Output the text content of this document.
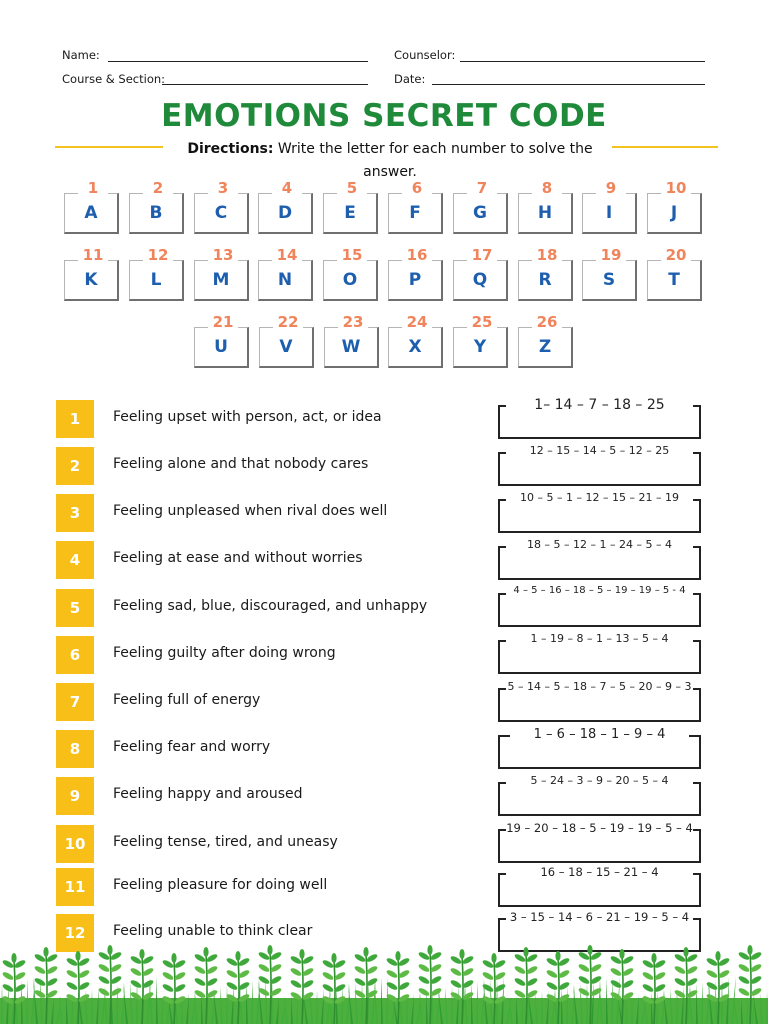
Name:	Counselor:
Course & Section:	Date:
EMOTIONS SECRET CODE

Directions: Write the letter for each number to solve the answer.

1
A
2
B
3
C
4
D
5
E
6
F
7
G
8
H
9
I
10
J
11
K
12
L
13
M
14
N
15
O
16
P
17
Q
18
R
19
S
20
T
21
U
22
V
23
W
24
X
25
Y
26
Z
1	Feeling upset with person, act, or idea
1– 14 – 7 – 18 – 25
2	Feeling alone and that nobody cares
12 – 15 – 14 – 5 – 12 – 25
3	Feeling unpleased when rival does well
10 – 5 – 1 – 12 – 15 – 21 – 19
4	Feeling at ease and without worries
18 – 5 – 12 – 1 – 24 – 5 – 4
5	Feeling sad, blue, discouraged, and unhappy
4 – 5 – 16 – 18 – 5 – 19 – 19 – 5 - 4
6	Feeling guilty after doing wrong
1 – 19 – 8 – 1 – 13 – 5 – 4
7	Feeling full of energy
5 – 14 – 5 – 18 – 7 – 5 – 20 – 9 – 3
8	Feeling fear and worry
1 – 6 – 18 – 1 – 9 – 4
9	Feeling happy and aroused
5 – 24 – 3 – 9 – 20 – 5 – 4
10	Feeling tense, tired, and uneasy
19 – 20 – 18 – 5 – 19 – 19 – 5 – 4
11	Feeling pleasure for doing well
16 – 18 – 15 – 21 – 4
12	Feeling unable to think clear
3 – 15 – 14 – 6 – 21 – 19 – 5 – 4
